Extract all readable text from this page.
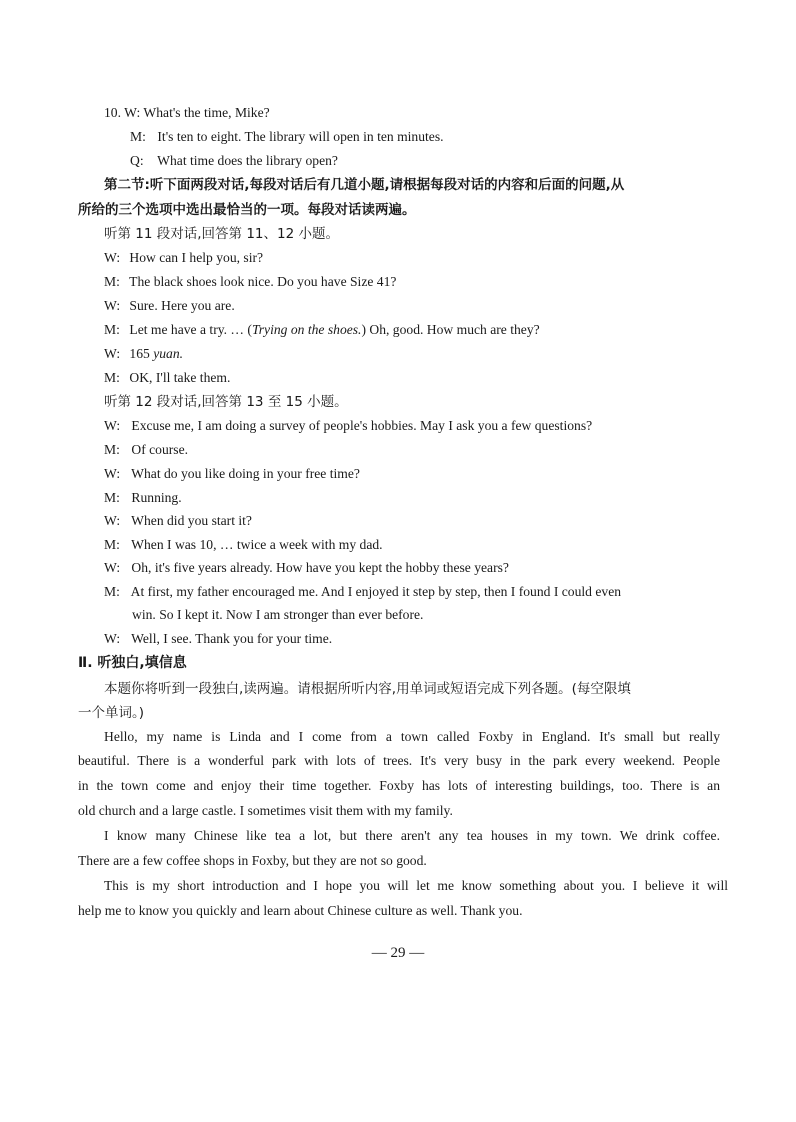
10. W: What's the time, Mike?
M: It's ten to eight. The library will open in ten minutes.
Q: What time does the library open?
第二节:听下面两段对话,每段对话后有几道小题,请根据每段对话的内容和后面的问题,从
所给的三个选项中选出最恰当的一项。每段对话读两遍。
听第 11 段对话,回答第 11、12 小题。
W: How can I help you, sir?
M: The black shoes look nice. Do you have Size 41?
W: Sure. Here you are.
M: Let me have a try. … (Trying on the shoes.) Oh, good. How much are they?
W: 165 yuan.
M: OK, I'll take them.
听第 12 段对话,回答第 13 至 15 小题。
W: Excuse me, I am doing a survey of people's hobbies. May I ask you a few questions?
M: Of course.
W: What do you like doing in your free time?
M: Running.
W: When did you start it?
M: When I was 10, … twice a week with my dad.
W: Oh, it's five years already. How have you kept the hobby these years?
M: At first, my father encouraged me. And I enjoyed it step by step, then I found I could even
win. So I kept it. Now I am stronger than ever before.
W: Well, I see. Thank you for your time.
Ⅱ. 听独白,填信息
本题你将听到一段独白,读两遍。请根据所听内容,用单词或短语完成下列各题。(每空限填
一个单词。)
Hello, my name is Linda and I come from a town called Foxby in England. It's small but really
beautiful. There is a wonderful park with lots of trees. It's very busy in the park every weekend. People
in the town come and enjoy their time together. Foxby has lots of interesting buildings, too. There is an
old church and a large castle. I sometimes visit them with my family.
I know many Chinese like tea a lot, but there aren't any tea houses in my town. We drink coffee.
There are a few coffee shops in Foxby, but they are not so good.
This is my short introduction and I hope you will let me know something about you. I believe it will
help me to know you quickly and learn about Chinese culture as well. Thank you.
— 29 —
